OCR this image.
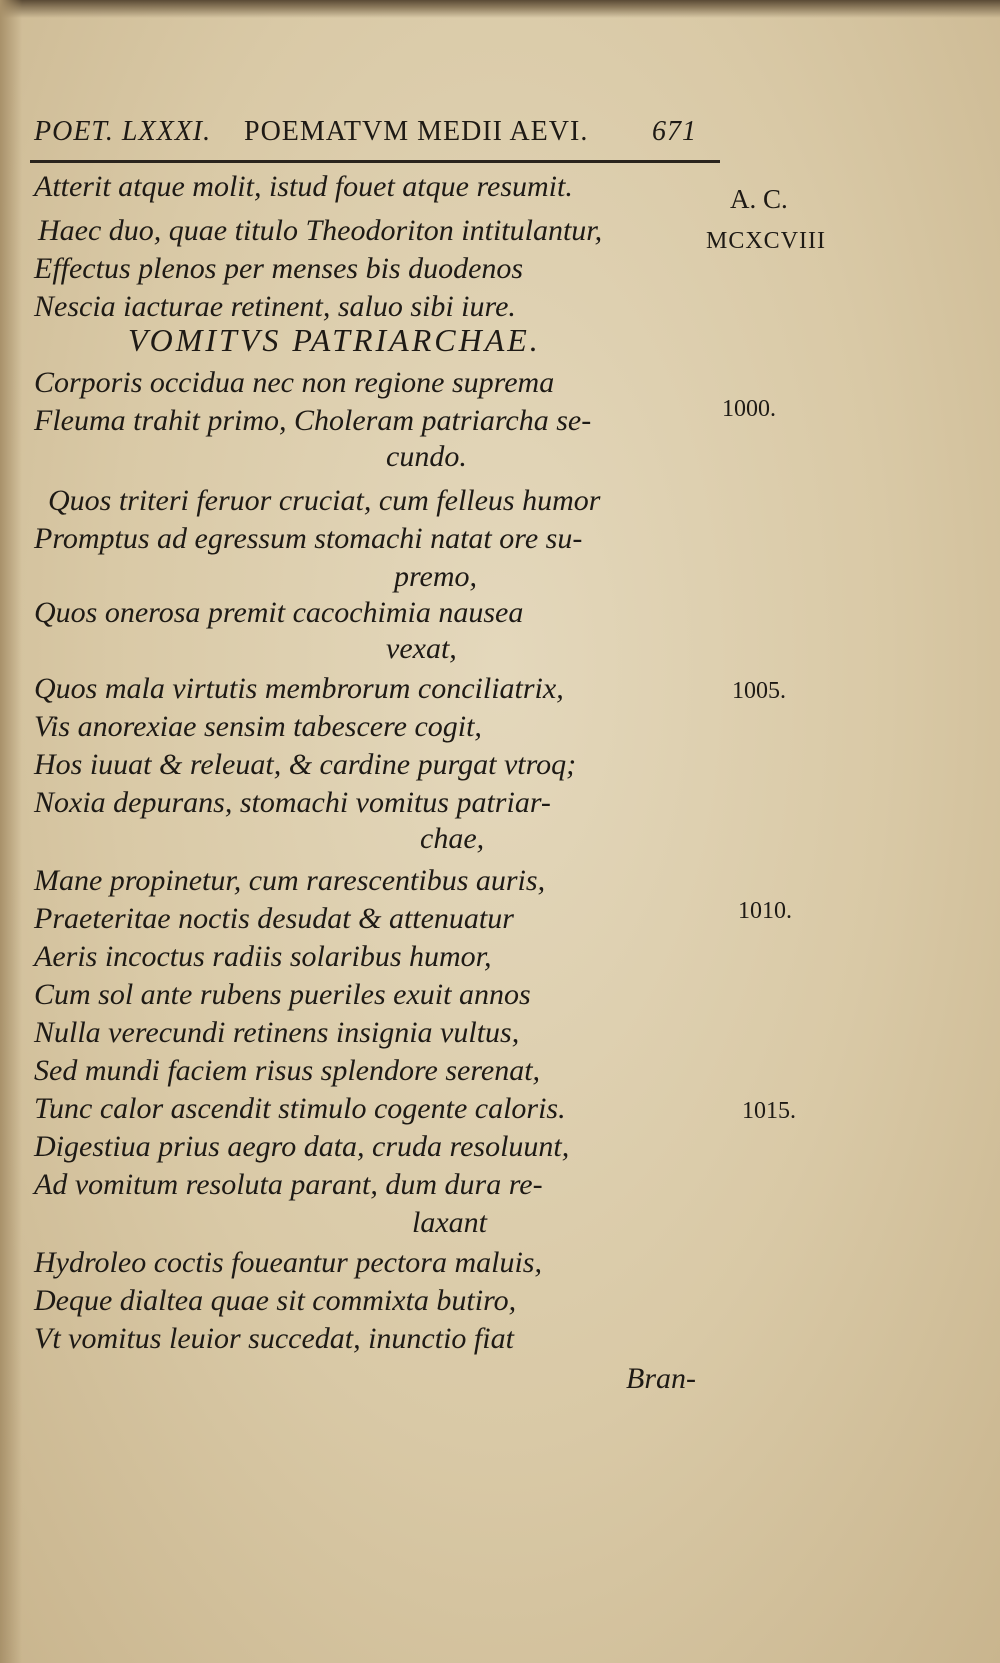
POET. LXXXI. POEMATVM MEDII AEVI. 671
A. C.
MCXCVIII
1000.
1005.
1010.
1015.
Atterit atque molit, istud fouet atque resumit.
Haec duo, quae titulo Theodoriton intitulantur,
Effectus plenos per menses bis duodenos
Nescia iacturae retinent, saluo sibi iure.
VOMITVS PATRIARCHAE.
Corporis occidua nec non regione suprema
Fleuma trahit primo, Choleram patriarcha se-
cundo.
Quos triteri feruor cruciat, cum felleus humor
Promptus ad egressum stomachi natat ore su-
premo,
Quos onerosa premit cacochimia nausea
vexat,
Quos mala virtutis membrorum conciliatrix,
Vis anorexiae sensim tabescere cogit,
Hos iuuat & releuat, & cardine purgat vtroq;
Noxia depurans, stomachi vomitus patriar-
chae,
Mane propinetur, cum rarescentibus auris,
Praeteritae noctis desudat & attenuatur
Aeris incoctus radiis solaribus humor,
Cum sol ante rubens pueriles exuit annos
Nulla verecundi retinens insignia vultus,
Sed mundi faciem risus splendore serenat,
Tunc calor ascendit stimulo cogente caloris.
Digestiua prius aegro data, cruda resoluunt,
Ad vomitum resoluta parant, dum dura re-
laxant
Hydroleo coctis foueantur pectora maluis,
Deque dialtea quae sit commixta butiro,
Vt vomitus leuior succedat, inunctio fiat
Bran-
